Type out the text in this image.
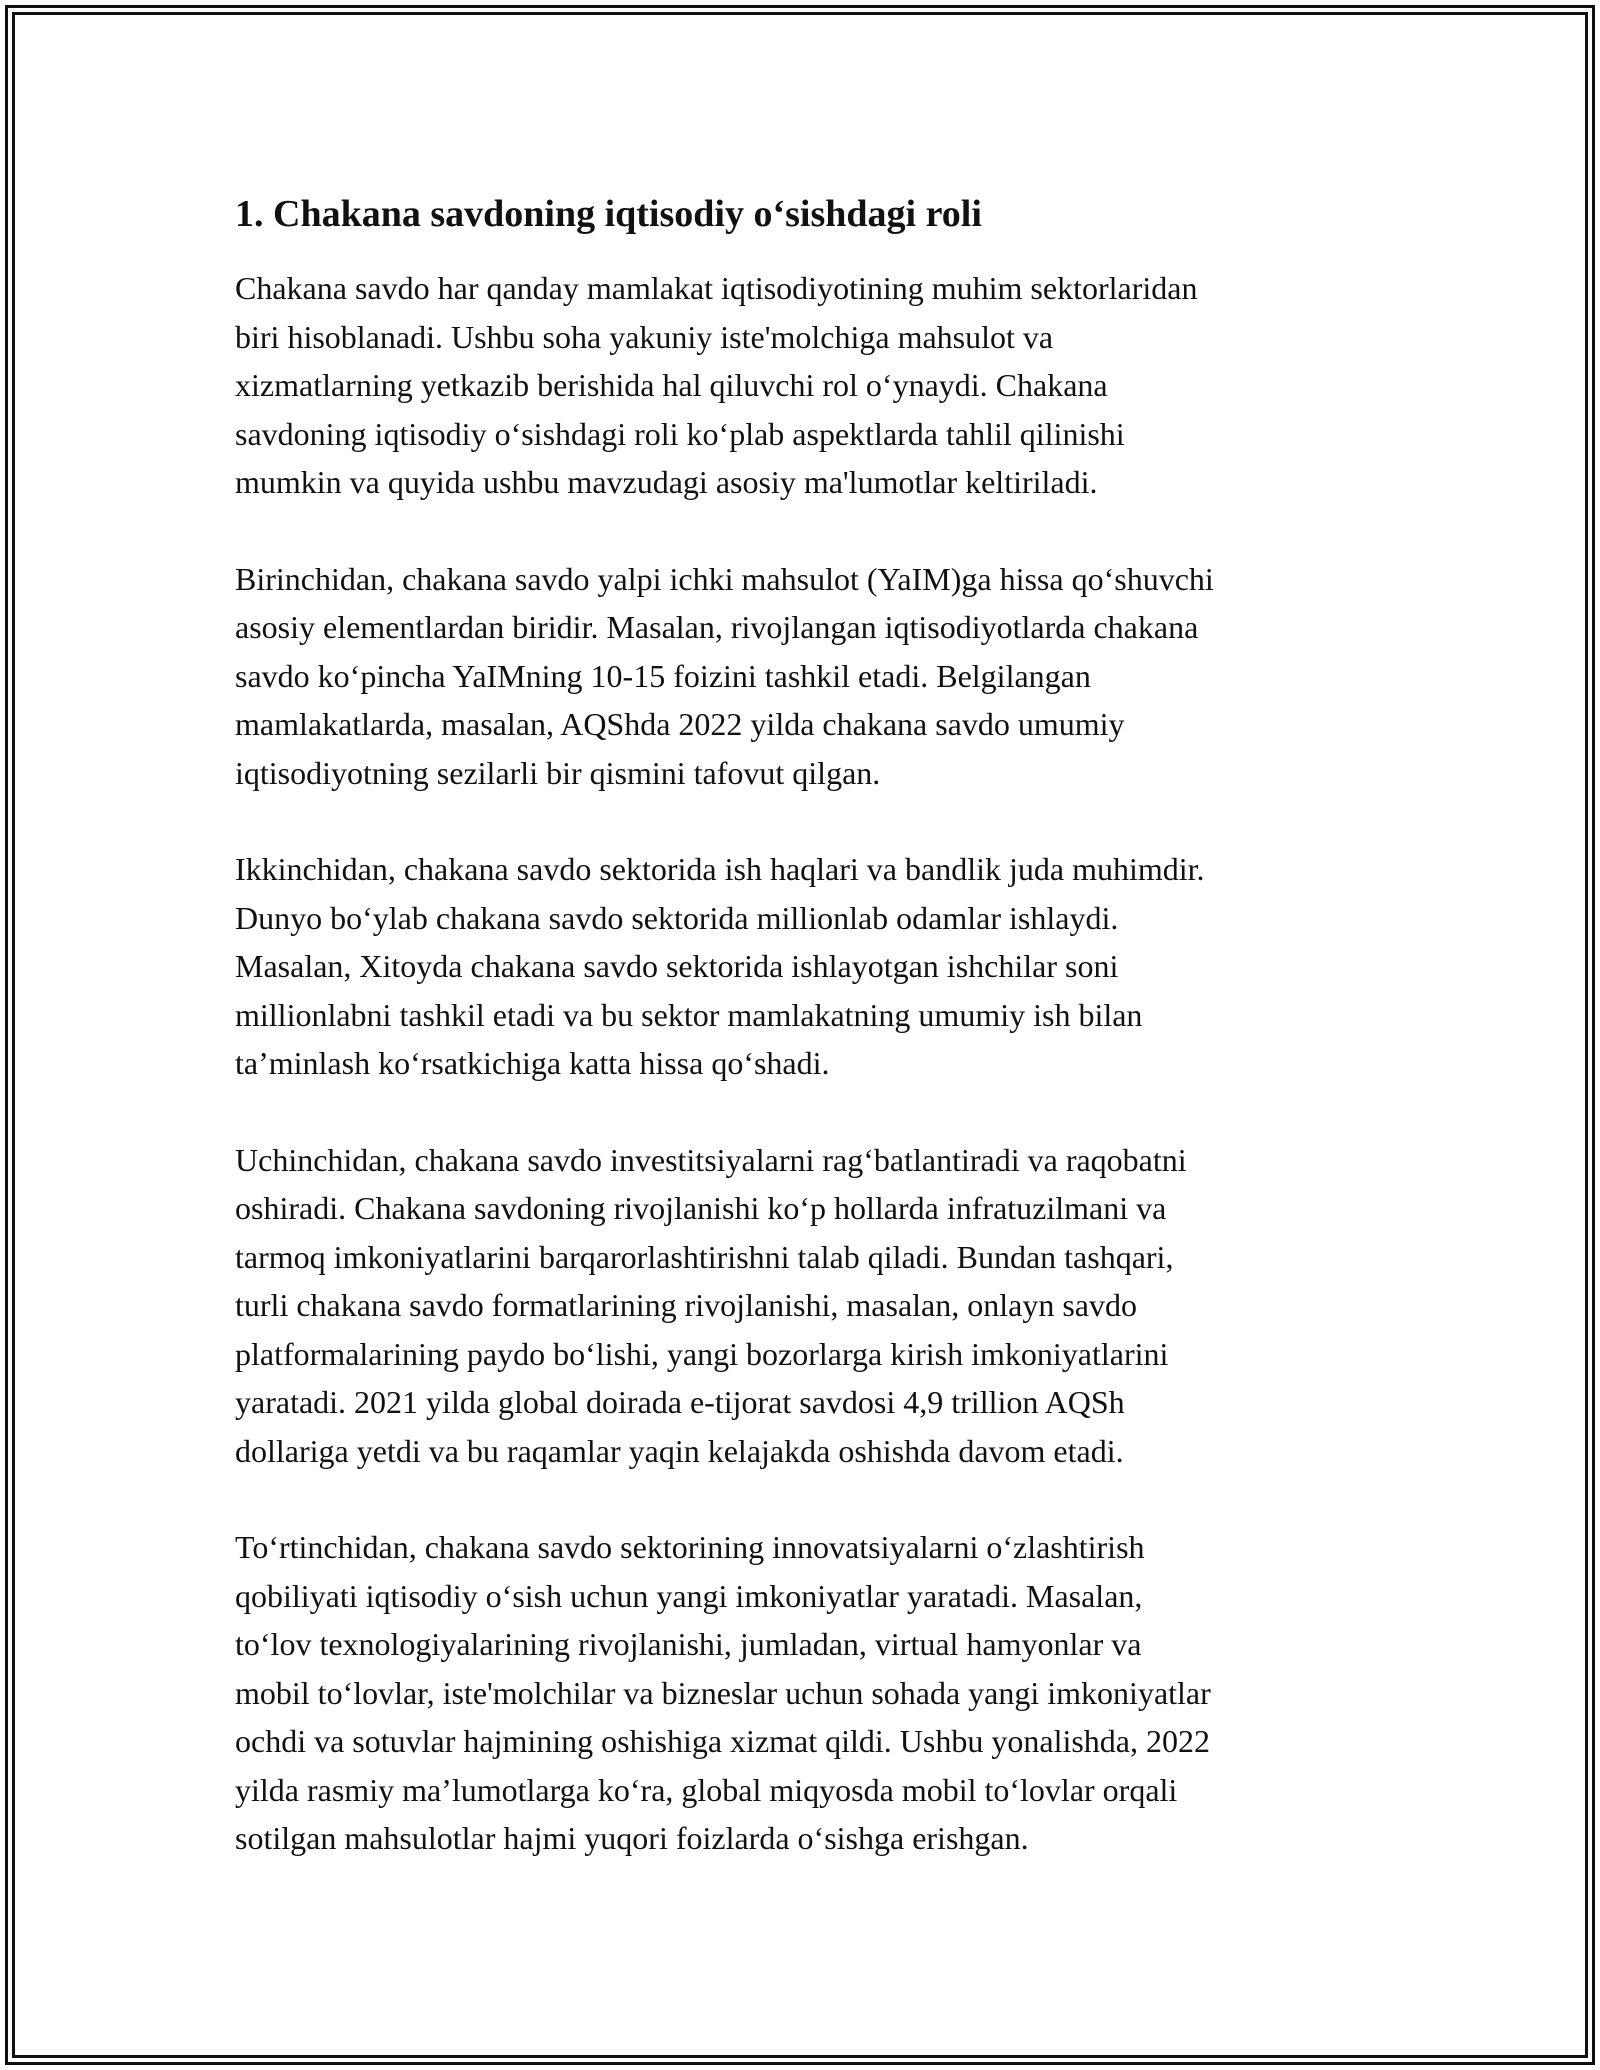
1. Chakana savdoning iqtisodiy o‘sishdagi roli

Chakana savdo har qanday mamlakat iqtisodiyotining muhim sektorlaridan
biri hisoblanadi. Ushbu soha yakuniy iste'molchiga mahsulot va
xizmatlarning yetkazib berishida hal qiluvchi rol o‘ynaydi. Chakana
savdoning iqtisodiy o‘sishdagi roli ko‘plab aspektlarda tahlil qilinishi
mumkin va quyida ushbu mavzudagi asosiy ma'lumotlar keltiriladi.

Birinchidan, chakana savdo yalpi ichki mahsulot (YaIM)ga hissa qo‘shuvchi
asosiy elementlardan biridir. Masalan, rivojlangan iqtisodiyotlarda chakana
savdo ko‘pincha YaIMning 10-15 foizini tashkil etadi. Belgilangan
mamlakatlarda, masalan, AQShda 2022 yilda chakana savdo umumiy
iqtisodiyotning sezilarli bir qismini tafovut qilgan.

Ikkinchidan, chakana savdo sektorida ish haqlari va bandlik juda muhimdir.
Dunyo bo‘ylab chakana savdo sektorida millionlab odamlar ishlaydi.
Masalan, Xitoyda chakana savdo sektorida ishlayotgan ishchilar soni
millionlabni tashkil etadi va bu sektor mamlakatning umumiy ish bilan
ta’minlash ko‘rsatkichiga katta hissa qo‘shadi.

Uchinchidan, chakana savdo investitsiyalarni rag‘batlantiradi va raqobatni
oshiradi. Chakana savdoning rivojlanishi ko‘p hollarda infratuzilmani va
tarmoq imkoniyatlarini barqarorlashtirishni talab qiladi. Bundan tashqari,
turli chakana savdo formatlarining rivojlanishi, masalan, onlayn savdo
platformalarining paydo bo‘lishi, yangi bozorlarga kirish imkoniyatlarini
yaratadi. 2021 yilda global doirada e-tijorat savdosi 4,9 trillion AQSh
dollariga yetdi va bu raqamlar yaqin kelajakda oshishda davom etadi.

To‘rtinchidan, chakana savdo sektorining innovatsiyalarni o‘zlashtirish
qobiliyati iqtisodiy o‘sish uchun yangi imkoniyatlar yaratadi. Masalan,
to‘lov texnologiyalarining rivojlanishi, jumladan, virtual hamyonlar va
mobil to‘lovlar, iste'molchilar va bizneslar uchun sohada yangi imkoniyatlar
ochdi va sotuvlar hajmining oshishiga xizmat qildi. Ushbu yonalishda, 2022
yilda rasmiy ma’lumotlarga ko‘ra, global miqyosda mobil to‘lovlar orqali
sotilgan mahsulotlar hajmi yuqori foizlarda o‘sishga erishgan.
